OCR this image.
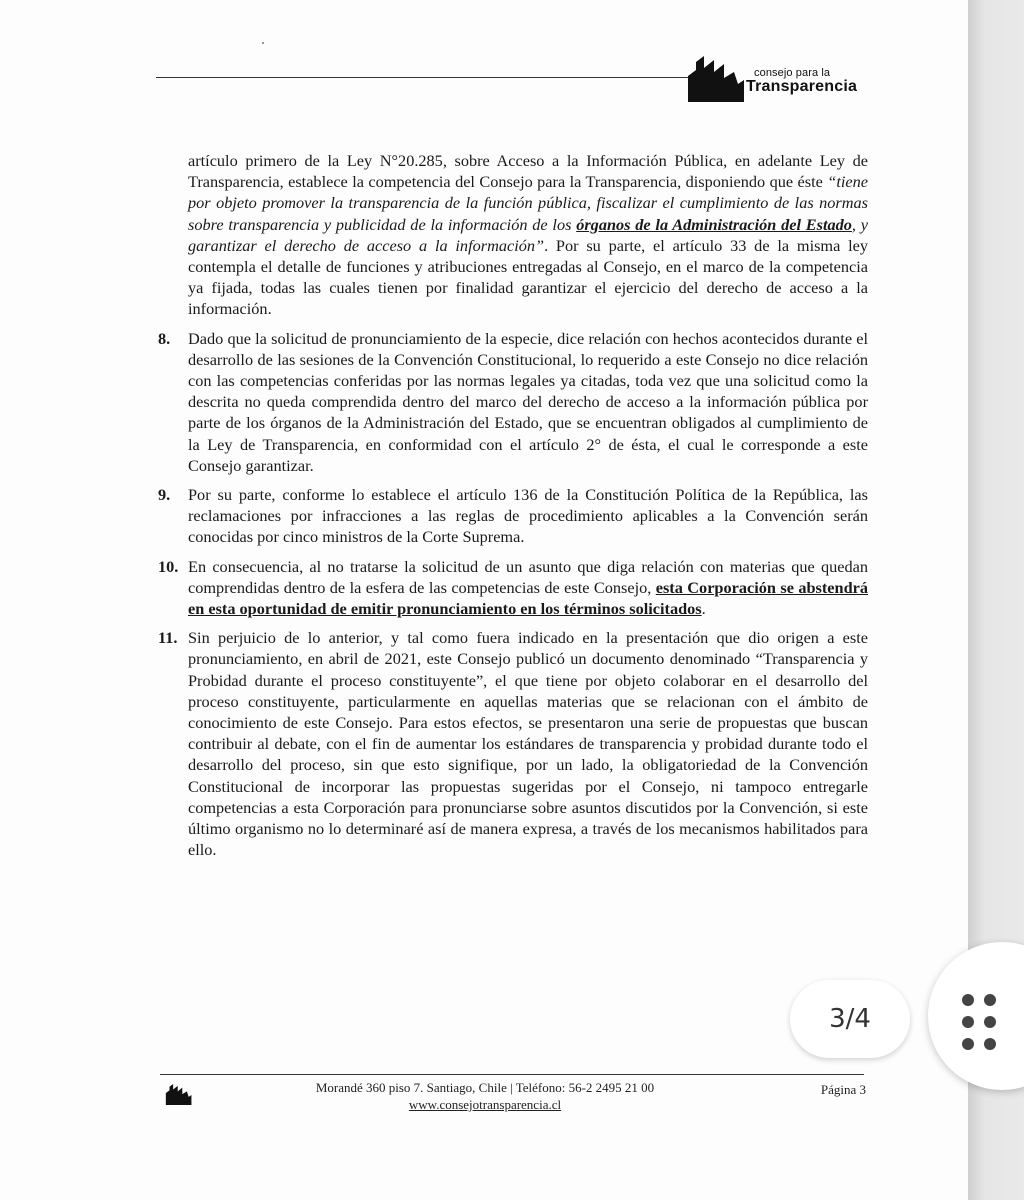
consejo para la
Transparencia
artículo primero de la Ley N°20.285, sobre Acceso a la Información Pública, en adelante Ley de Transparencia, establece la competencia del Consejo para la Transparencia, disponiendo que éste “tiene por objeto promover la transparencia de la función pública, fiscalizar el cumplimiento de las normas sobre transparencia y publicidad de la información de los órganos de la Administración del Estado, y garantizar el derecho de acceso a la información”. Por su parte, el artículo 33 de la misma ley contempla el detalle de funciones y atribuciones entregadas al Consejo, en el marco de la competencia ya fijada, todas las cuales tienen por finalidad garantizar el ejercicio del derecho de acceso a la información.
8.	Dado que la solicitud de pronunciamiento de la especie, dice relación con hechos acontecidos durante el desarrollo de las sesiones de la Convención Constitucional, lo requerido a este Consejo no dice relación con las competencias conferidas por las normas legales ya citadas, toda vez que una solicitud como la descrita no queda comprendida dentro del marco del derecho de acceso a la información pública por parte de los órganos de la Administración del Estado, que se encuentran obligados al cumplimiento de la Ley de Transparencia, en conformidad con el artículo 2° de ésta, el cual le corresponde a este Consejo garantizar.
9.	Por su parte, conforme lo establece el artículo 136 de la Constitución Política de la República, las reclamaciones por infracciones a las reglas de procedimiento aplicables a la Convención serán conocidas por cinco ministros de la Corte Suprema.
10. En consecuencia, al no tratarse la solicitud de un asunto que diga relación con materias que quedan comprendidas dentro de la esfera de las competencias de este Consejo, esta Corporación se abstendrá en esta oportunidad de emitir pronunciamiento en los términos solicitados.
11. Sin perjuicio de lo anterior, y tal como fuera indicado en la presentación que dio origen a este pronunciamiento, en abril de 2021, este Consejo publicó un documento denominado “Transparencia y Probidad durante el proceso constituyente”, el que tiene por objeto colaborar en el desarrollo del proceso constituyente, particularmente en aquellas materias que se relacionan con el ámbito de conocimiento de este Consejo. Para estos efectos, se presentaron una serie de propuestas que buscan contribuir al debate, con el fin de aumentar los estándares de transparencia y probidad durante todo el desarrollo del proceso, sin que esto signifique, por un lado, la obligatoriedad de la Convención Constitucional de incorporar las propuestas sugeridas por el Consejo, ni tampoco entregarle competencias a esta Corporación para pronunciarse sobre asuntos discutidos por la Convención, si este último organismo no lo determinaré así de manera expresa, a través de los mecanismos habilitados para ello.
Morandé 360 piso 7. Santiago, Chile | Teléfono: 56-2 2495 21 00
www.consejotransparencia.cl
Página 3
3/4
